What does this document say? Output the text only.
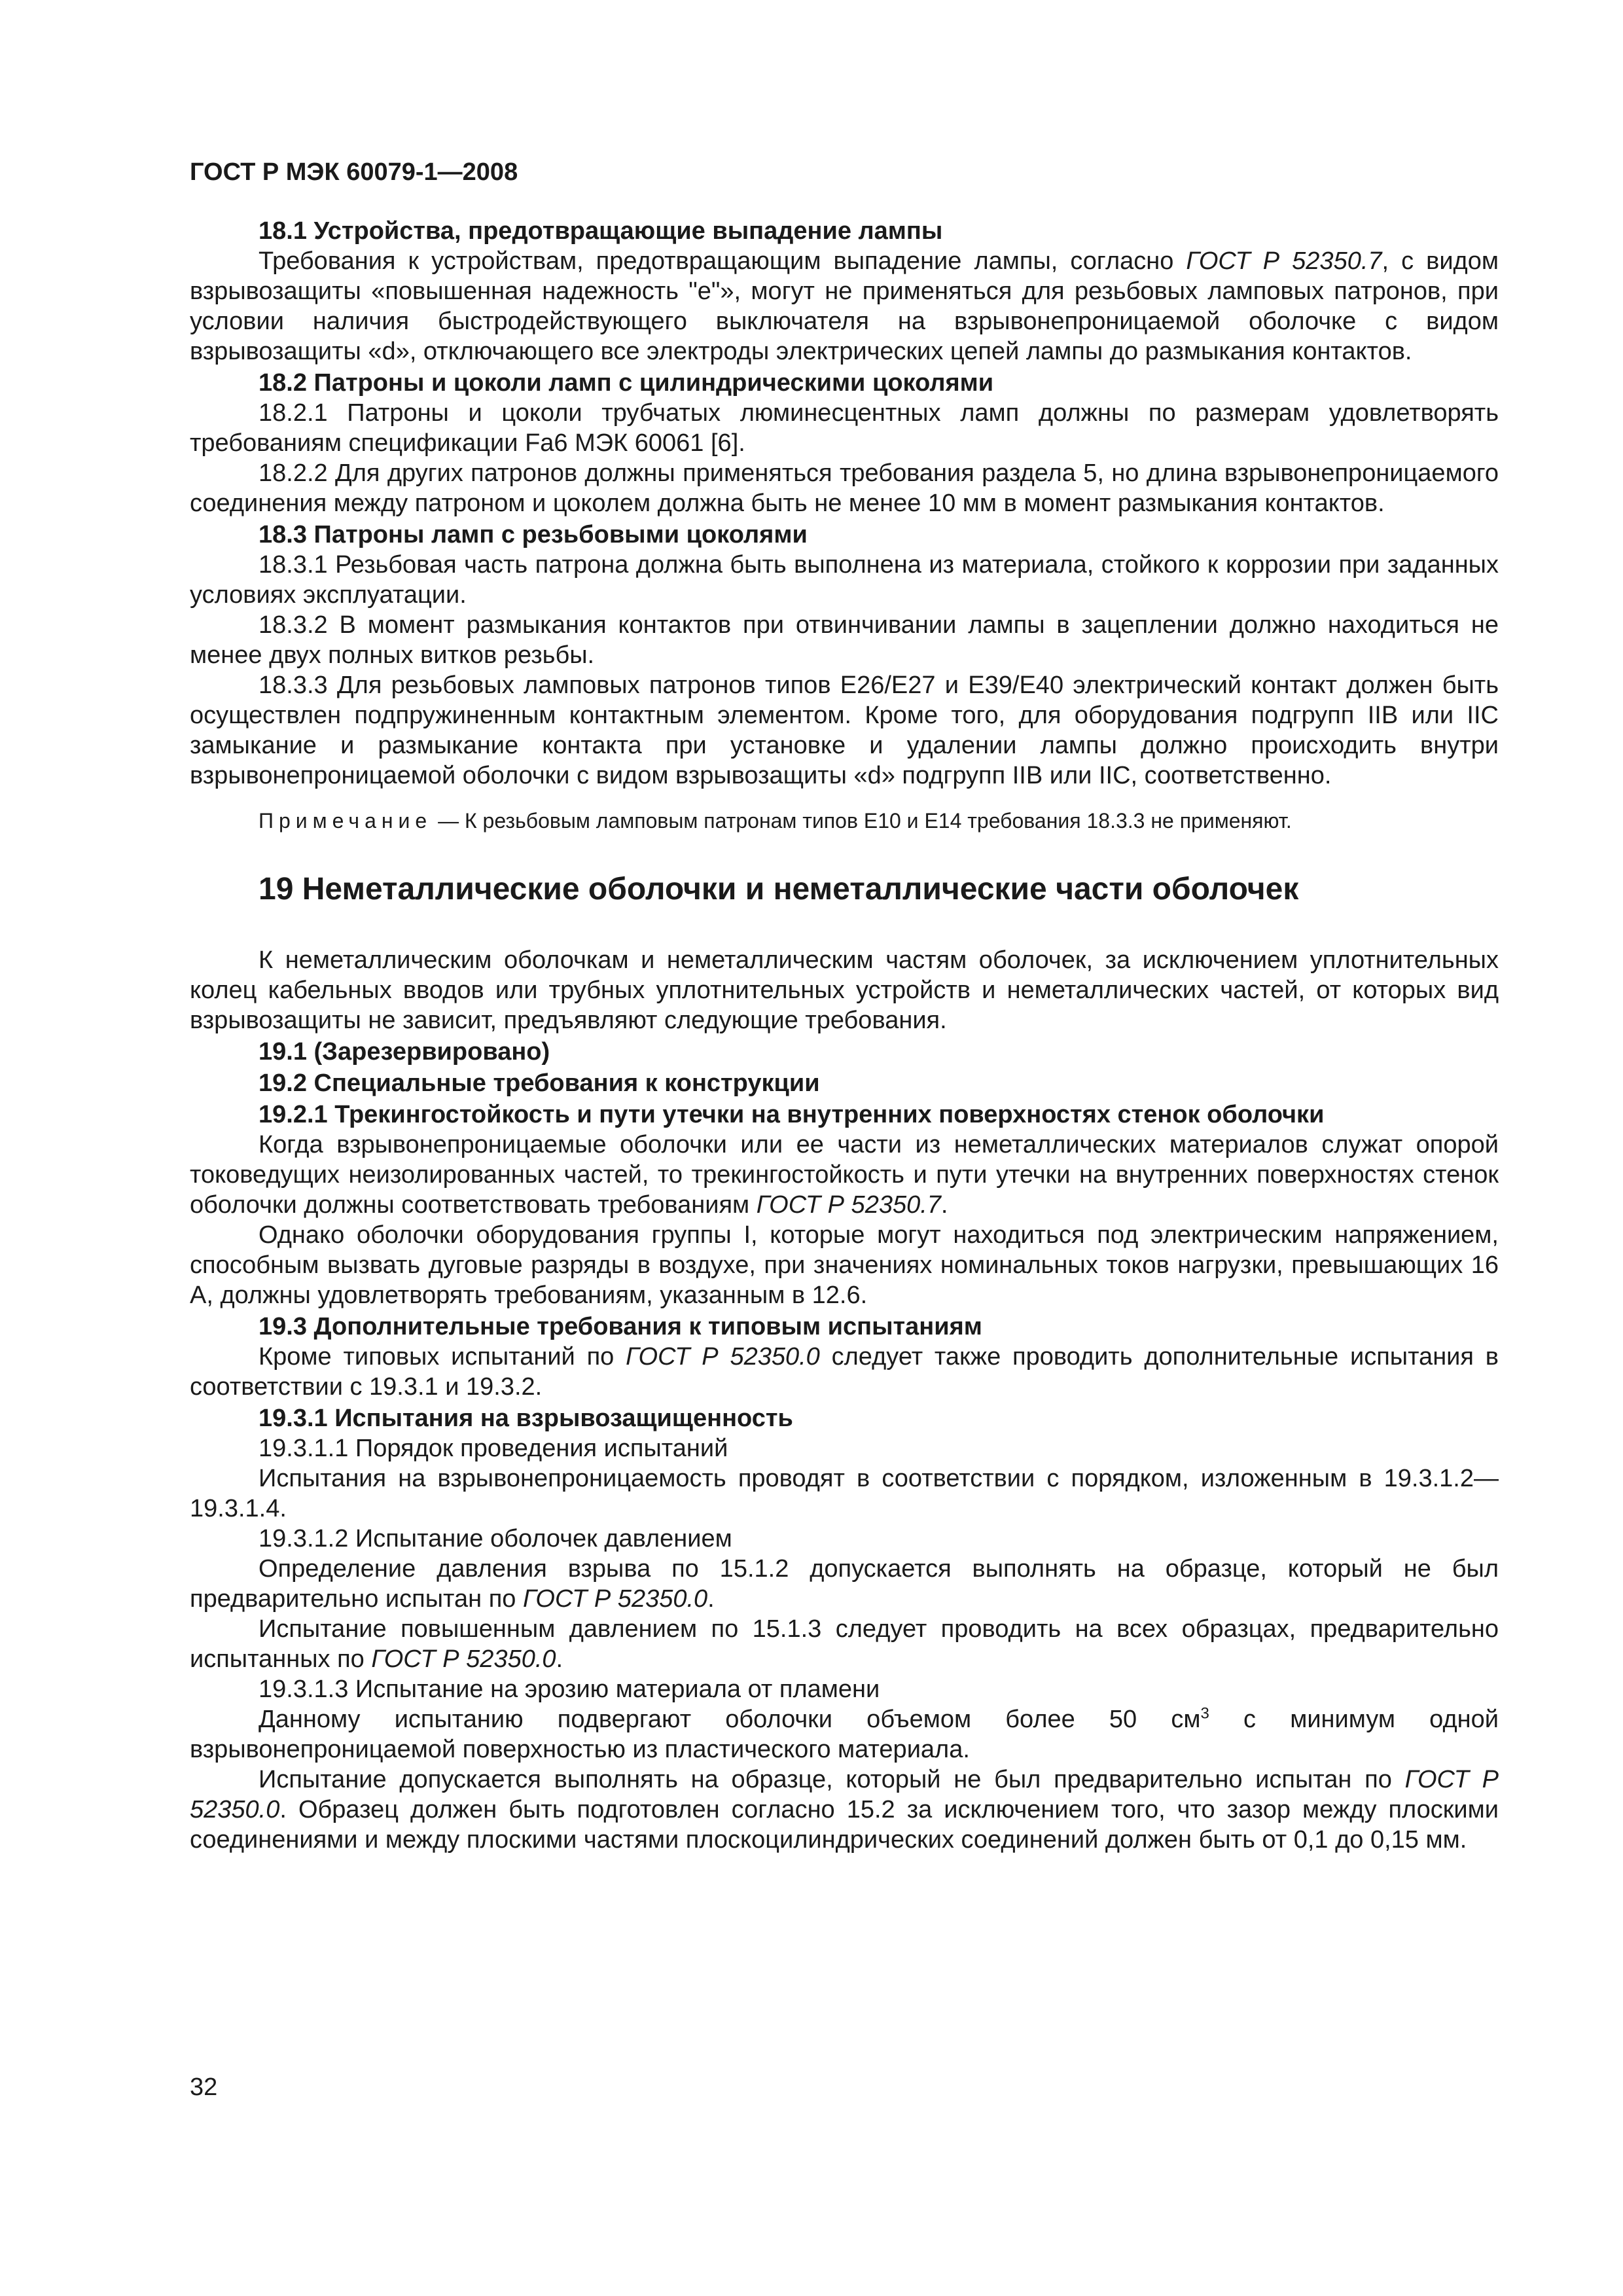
ГОСТ Р МЭК 60079-1—2008

18.1 Устройства, предотвращающие выпадение лампы

Требования к устройствам, предотвращающим выпадение лампы, согласно ГОСТ Р 52350.7, с видом взрывозащиты «повышенная надежность "е"», могут не применяться для резьбовых ламповых патронов, при условии наличия быстродействующего выключателя на взрывонепроницаемой оболочке с видом взрывозащиты «d», отключающего все электроды электрических цепей лампы до размыкания контактов.

18.2 Патроны и цоколи ламп с цилиндрическими цоколями

18.2.1 Патроны и цоколи трубчатых люминесцентных ламп должны по размерам удовлетворять требованиям спецификации Fa6 МЭК 60061 [6].

18.2.2 Для других патронов должны применяться требования раздела 5, но длина взрывонепроницаемого соединения между патроном и цоколем должна быть не менее 10 мм в момент размыкания контактов.

18.3 Патроны ламп с резьбовыми цоколями

18.3.1 Резьбовая часть патрона должна быть выполнена из материала, стойкого к коррозии при заданных условиях эксплуатации.

18.3.2 В момент размыкания контактов при отвинчивании лампы в зацеплении должно находиться не менее двух полных витков резьбы.

18.3.3 Для резьбовых ламповых патронов типов E26/E27 и E39/E40 электрический контакт должен быть осуществлен подпружиненным контактным элементом. Кроме того, для оборудования подгрупп IIB или IIC замыкание и размыкание контакта при установке и удалении лампы должно происходить внутри взрывонепроницаемой оболочки с видом взрывозащиты «d» подгрупп IIB или IIC, соответственно.

Примечание — К резьбовым ламповым патронам типов E10 и E14 требования 18.3.3 не применяют.

19 Неметаллические оболочки и неметаллические части оболочек

К неметаллическим оболочкам и неметаллическим частям оболочек, за исключением уплотнительных колец кабельных вводов или трубных уплотнительных устройств и неметаллических частей, от которых вид взрывозащиты не зависит, предъявляют следующие требования.

19.1 (Зарезервировано)

19.2 Специальные требования к конструкции

19.2.1 Трекингостойкость и пути утечки на внутренних поверхностях стенок оболочки

Когда взрывонепроницаемые оболочки или ее части из неметаллических материалов служат опорой токоведущих неизолированных частей, то трекингостойкость и пути утечки на внутренних поверхностях стенок оболочки должны соответствовать требованиям ГОСТ Р 52350.7.

Однако оболочки оборудования группы I, которые могут находиться под электрическим напряжением, способным вызвать дуговые разряды в воздухе, при значениях номинальных токов нагрузки, превышающих 16 А, должны удовлетворять требованиям, указанным в 12.6.

19.3 Дополнительные требования к типовым испытаниям

Кроме типовых испытаний по ГОСТ Р 52350.0 следует также проводить дополнительные испытания в соответствии с 19.3.1 и 19.3.2.

19.3.1 Испытания на взрывозащищенность

19.3.1.1 Порядок проведения испытаний

Испытания на взрывонепроницаемость проводят в соответствии с порядком, изложенным в 19.3.1.2—19.3.1.4.

19.3.1.2 Испытание оболочек давлением

Определение давления взрыва по 15.1.2 допускается выполнять на образце, который не был предварительно испытан по ГОСТ Р 52350.0.

Испытание повышенным давлением по 15.1.3 следует проводить на всех образцах, предварительно испытанных по ГОСТ Р 52350.0.

19.3.1.3 Испытание на эрозию материала от пламени

Данному испытанию подвергают оболочки объемом более 50 $см^3$ с минимум одной взрывонепроницаемой поверхностью из пластического материала.

Испытание допускается выполнять на образце, который не был предварительно испытан по ГОСТ Р 52350.0. Образец должен быть подготовлен согласно 15.2 за исключением того, что зазор между плоскими соединениями и между плоскими частями плоскоцилиндрических соединений должен быть от 0,1 до 0,15 мм.

32
